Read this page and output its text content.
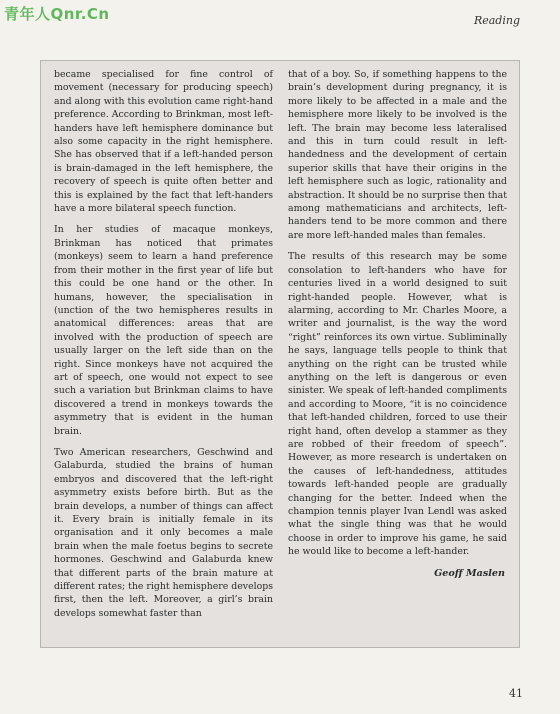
青年人Qnr.Cn	Reading

became specialised for fine control of movement (necessary for producing speech) and along with this evolution came right-hand preference. According to Brinkman, most left-handers have left hemisphere dominance but also some capacity in the right hemisphere. She has observed that if a left-handed person is brain-damaged in the left hemisphere, the recovery of speech is quite often better and this is explained by the fact that left-handers have a more bilateral speech function.

In her studies of macaque monkeys, Brinkman has noticed that primates (monkeys) seem to learn a hand preference from their mother in the first year of life but this could be one hand or the other. In humans, however, the specialisation in (unction of the two hemispheres results in anatomical differences: areas that are involved with the production of speech are usually larger on the left side than on the right. Since monkeys have not acquired the art of speech, one would not expect to see such a variation but Brinkman claims to have discovered a trend in monkeys towards the asymmetry that is evident in the human brain.

Two American researchers, Geschwind and Galaburda, studied the brains of human embryos and discovered that the left-right asymmetry exists before birth. But as the brain develops, a number of things can affect it. Every brain is initially female in its organisation and it only becomes a male brain when the male foetus begins to secrete hormones. Geschwind and Galaburda knew that different parts of the brain mature at different rates; the right hemisphere develops first, then the left. Moreover, a girl’s brain develops somewhat faster than

that of a boy. So, if something happens to the brain’s development during pregnancy, it is more likely to be affected in a male and the hemisphere more likely to be involved is the left. The brain may become less lateralised and this in turn could result in left-handedness and the development of certain superior skills that have their origins in the left hemisphere such as logic, rationality and abstraction. It should be no surprise then that among mathematicians and architects, left-handers tend to be more common and there are more left-handed males than females.

The results of this research may be some consolation to left-handers who have for centuries lived in a world designed to suit right-handed people. However, what is alarming, according to Mr. Charles Moore, a writer and journalist, is the way the word “right” reinforces its own virtue. Subliminally he says, language tells people to think that anything on the right can be trusted while anything on the left is dangerous or even sinister. We speak of left-handed compliments and according to Moore, “it is no coincidence that left-handed children, forced to use their right hand, often develop a stammer as they are robbed of their freedom of speech”. However, as more research is undertaken on the causes of left-handedness, attitudes towards left-handed people are gradually changing for the better. Indeed when the champion tennis player Ivan Lendl was asked what the single thing was that he would choose in order to improve his game, he said he would like to become a left-hander.

Geoff Maslen
41
